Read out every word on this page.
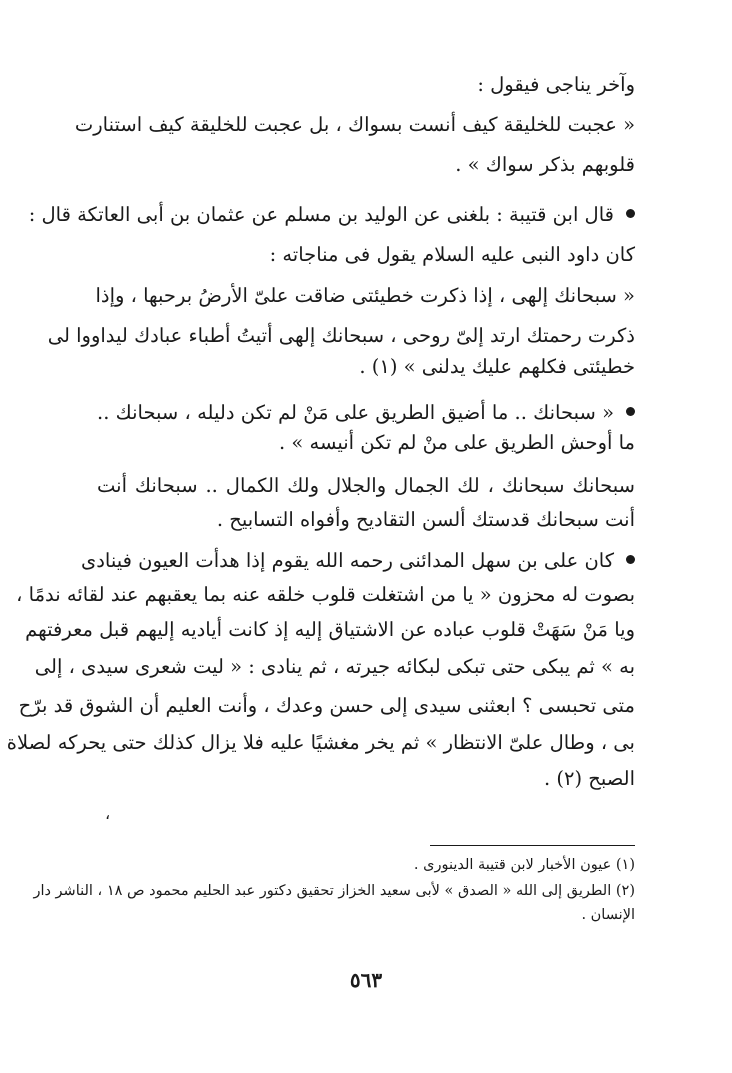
وآخر يناجى فيقول :
« عجبت للخليقة كيف أنست بسواك ، بل عجبت للخليقة كيف استنارت
قلوبهم بذكر سواك » .
قال ابن قتيبة : بلغنى عن الوليد بن مسلم عن عثمان بن أبى العاتكة قال :
كان داود النبى عليه السلام يقول فى مناجاته :
« سبحانك إلهى ، إذا ذكرت خطيئتى ضاقت علىّ الأرضُ برحبها ، وإذا
ذكرت رحمتك ارتد إلىّ روحى ، سبحانك إلهى أتيتُ أطباء عبادك ليداووا لى
خطيئتى فكلهم عليك يدلنى » (١) .
« سبحانك .. ما أضيق الطريق على مَنْ لم تكن دليله ، سبحانك ..
ما أوحش الطريق على منْ لم تكن أنيسه » .
سبحانك سبحانك ، لك الجمال والجلال ولك الكمال .. سبحانك أنت
أنت سبحانك قدستك ألسن التقاديح وأفواه التسابيح .
كان على بن سهل المدائنى رحمه الله يقوم إذا هدأت العيون فينادى
بصوت له محزون « يا من اشتغلت قلوب خلقه عنه بما يعقبهم عند لقائه ندمًا ،
ويا مَنْ سَهَتْ قلوب عباده عن الاشتياق إليه إذ كانت أياديه إليهم قبل معرفتهم
به » ثم يبكى حتى تبكى لبكائه جيرته ، ثم ينادى : « ليت شعرى سيدى ، إلى
متى تحبسى ؟ ابعثنى سيدى إلى حسن وعدك ، وأنت العليم أن الشوق قد برّح
بى ، وطال علىّ الانتظار » ثم يخر مغشيًا عليه فلا يزال كذلك حتى يحركه لصلاة
الصبح (٢) .
،
(١) عيون الأخبار لابن قتيبة الدينورى .
(٢) الطريق إلى الله « الصدق » لأبى سعيد الخزاز تحقيق دكتور عبد الحليم محمود ص ١٨ ، الناشر دار
الإنسان .
٥٦٣
